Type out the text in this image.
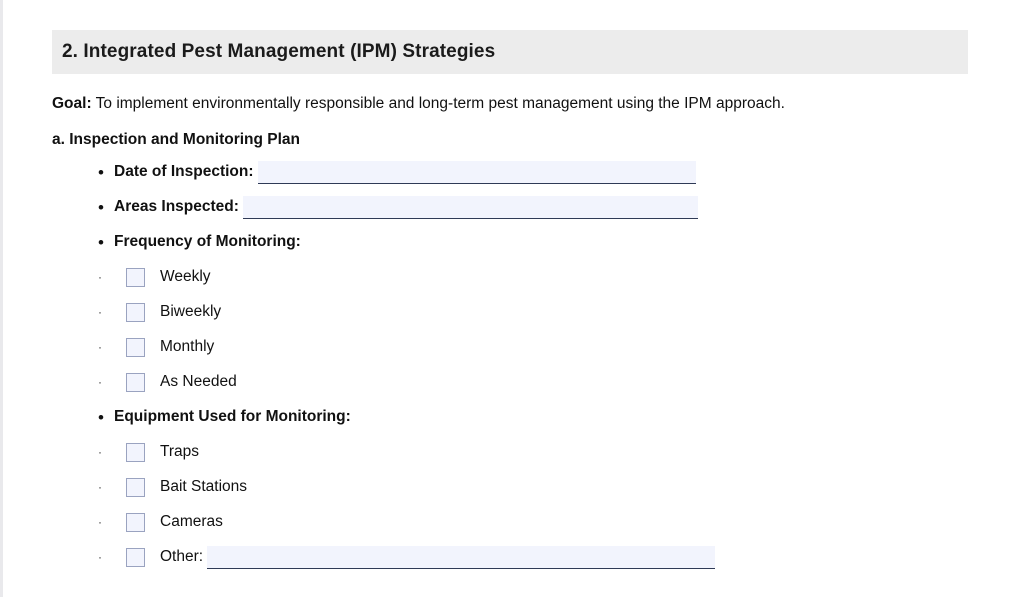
2. Integrated Pest Management (IPM) Strategies
Goal: To implement environmentally responsible and long-term pest management using the IPM approach.
a. Inspection and Monitoring Plan
• Date of Inspection:
• Areas Inspected:
• Frequency of Monitoring:
·	Weekly
·	Biweekly
·	Monthly
·	As Needed
• Equipment Used for Monitoring:
·	Traps
·	Bait Stations
·	Cameras
·	Other:
